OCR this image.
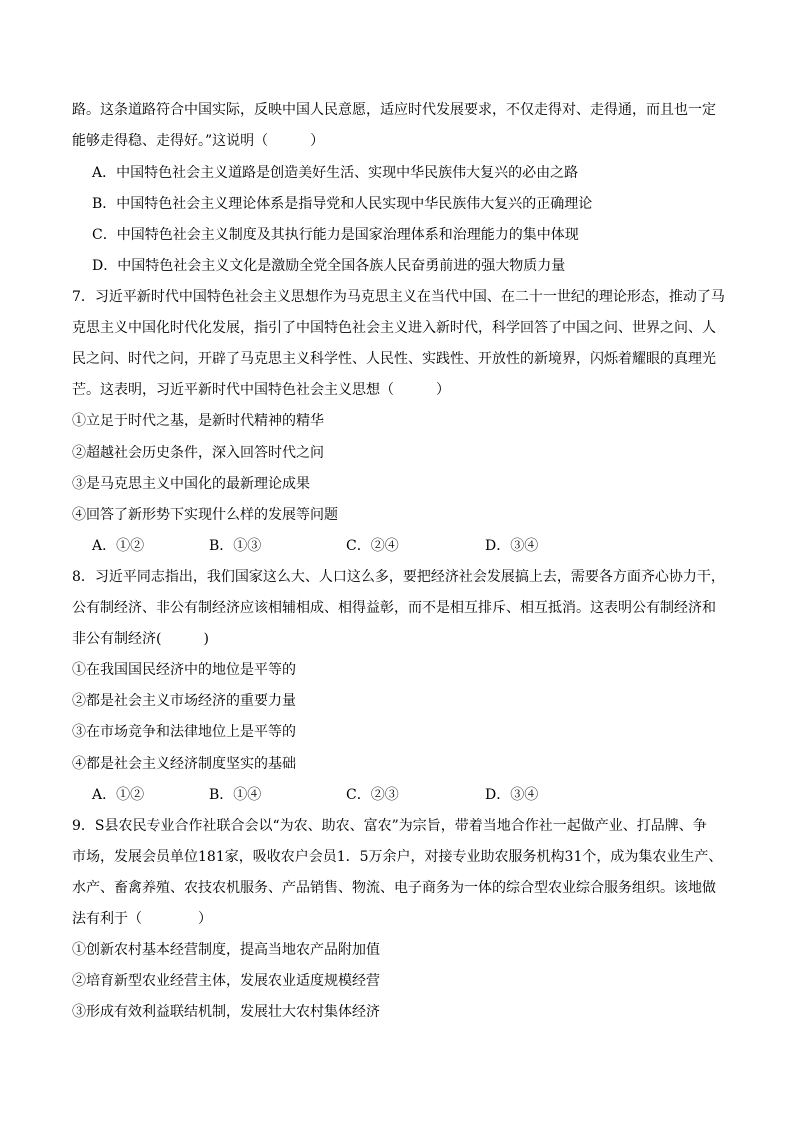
路。这条道路符合中国实际，反映中国人民意愿，适应时代发展要求，不仅走得对、走得通，而且也一定
能够走得稳、走得好。”这说明（　　　）
A．中国特色社会主义道路是创造美好生活、实现中华民族伟大复兴的必由之路
B．中国特色社会主义理论体系是指导党和人民实现中华民族伟大复兴的正确理论
C．中国特色社会主义制度及其执行能力是国家治理体系和治理能力的集中体现
D．中国特色社会主义文化是激励全党全国各族人民奋勇前进的强大物质力量
7．习近平新时代中国特色社会主义思想作为马克思主义在当代中国、在二十一世纪的理论形态，推动了马
克思主义中国化时代化发展，指引了中国特色社会主义进入新时代，科学回答了中国之问、世界之问、人
民之问、时代之问，开辟了马克思主义科学性、人民性、实践性、开放性的新境界，闪烁着耀眼的真理光
芒。这表明，习近平新时代中国特色社会主义思想（　　　）
①立足于时代之基，是新时代精神的精华
②超越社会历史条件，深入回答时代之问
③是马克思主义中国化的最新理论成果
④回答了新形势下实现什么样的发展等问题
A．①②	B．①③	C．②④	D．③④
8．习近平同志指出，我们国家这么大、人口这么多，要把经济社会发展搞上去，需要各方面齐心协力干，
公有制经济、非公有制经济应该相辅相成、相得益彰，而不是相互排斥、相互抵消。这表明公有制经济和
非公有制经济(　　　)
①在我国国民经济中的地位是平等的
②都是社会主义市场经济的重要力量
③在市场竞争和法律地位上是平等的
④都是社会主义经济制度坚实的基础
A．①②	B．①④	C．②③	D．③④
9．S县农民专业合作社联合会以“为农、助农、富农”为宗旨，带着当地合作社一起做产业、打品牌、争
市场，发展会员单位181家，吸收农户会员1．5万余户，对接专业助农服务机构31个，成为集农业生产、
水产、畜禽养殖、农技农机服务、产品销售、物流、电子商务为一体的综合型农业综合服务组织。该地做
法有利于（　　　　）
①创新农村基本经营制度，提高当地农产品附加值
②培育新型农业经营主体，发展农业适度规模经营
③形成有效利益联结机制，发展壮大农村集体经济
